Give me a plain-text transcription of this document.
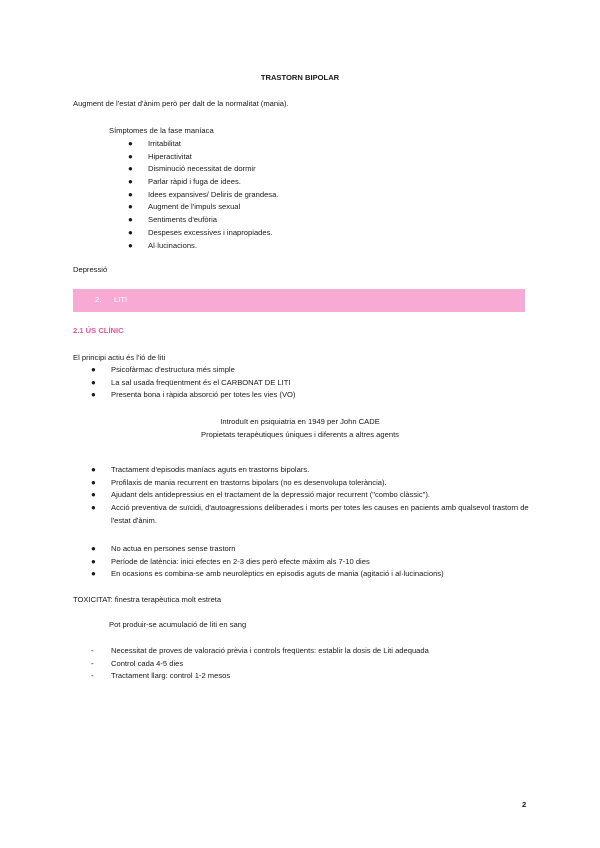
TRASTORN BIPOLAR
Augment de l'estat d'ànim però per dalt de la normalitat (mania).
Símptomes de la fase maníaca
● Irritabilitat
● Hiperactivitat
● Disminució necessitat de dormir
● Parlar ràpid i fuga de idees.
● Idees expansives/ Deliris de grandesa.
● Augment de l'impuls sexual
● Sentiments d'eufòria
● Despeses excessives i inapropiades.
● Al·lucinacions.
Depressió
2. LITI
2.1 ÚS CLÍNIC
El principi actiu és l'ió de liti
● Psicofàrmac d'estructura més simple
● La sal usada freqüentment és el CARBONAT DE LITI
● Presenta bona i ràpida absorció per totes les vies (VO)
Introduït en psiquiatria en 1949 per John CADE
Propietats terapèutiques úniques i diferents a altres agents
● Tractament d'episodis maníacs aguts en trastorns bipolars.
● Profilaxis de mania recurrent en trastorns bipolars (no es desenvolupa tolerància).
● Ajudant dels antidepressius en el tractament de la depressió major recurrent ("combo clàssic").
● Acció preventiva de suïcidi, d'autoagressions deliberades i morts per totes les causes en pacients amb qualsevol trastorn de l'estat d'ànim.
● No actua en persones sense trastorn
● Període de latència: inici efectes en 2-3 dies però efecte màxim als 7-10 dies
● En ocasions es combina-se amb neurolèptics en episodis aguts de mania (agitació i al·lucinacions)
TOXICITAT: finestra terapèutica molt estreta
Pot produir-se acumulació de liti en sang
- Necessitat de proves de valoració prèvia i controls freqüents: establir la dosis de Liti adequada
- Control cada 4-5 dies
- Tractament llarg: control 1-2 mesos
2
